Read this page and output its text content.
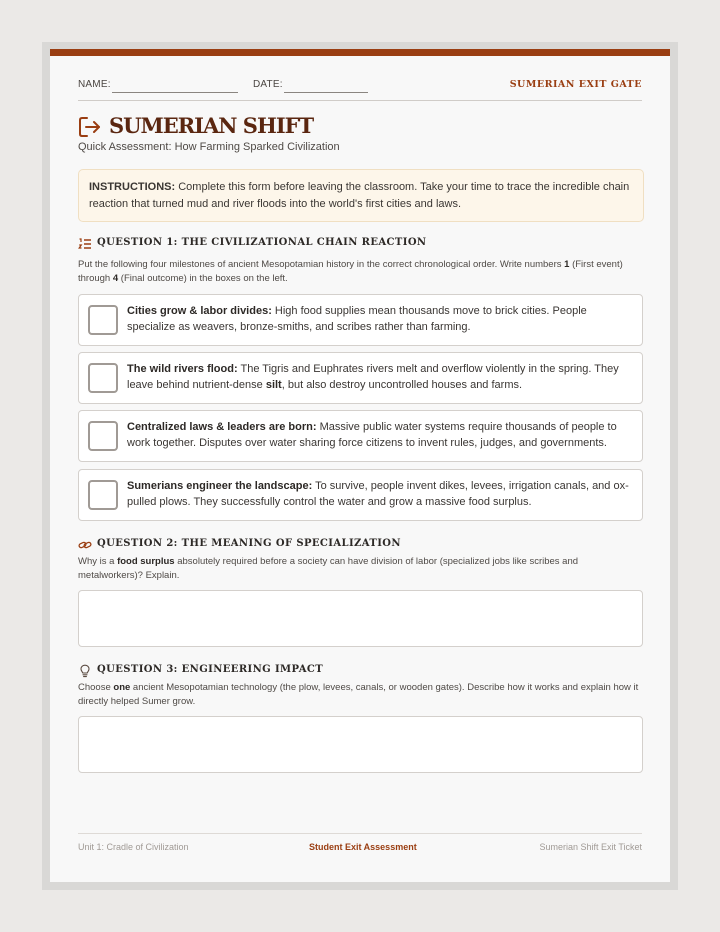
NAME:	DATE:	SUMERIAN EXIT GATE
SUMERIAN SHIFT
Quick Assessment: How Farming Sparked Civilization
INSTRUCTIONS: Complete this form before leaving the classroom. Take your time to trace the incredible chain reaction that turned mud and river floods into the world's first cities and laws.
QUESTION 1: THE CIVILIZATIONAL CHAIN REACTION
Put the following four milestones of ancient Mesopotamian history in the correct chronological order. Write numbers 1 (First event) through 4 (Final outcome) in the boxes on the left.
Cities grow & labor divides: High food supplies mean thousands move to brick cities. People specialize as weavers, bronze-smiths, and scribes rather than farming.
The wild rivers flood: The Tigris and Euphrates rivers melt and overflow violently in the spring. They leave behind nutrient-dense silt, but also destroy uncontrolled houses and farms.
Centralized laws & leaders are born: Massive public water systems require thousands of people to work together. Disputes over water sharing force citizens to invent rules, judges, and governments.
Sumerians engineer the landscape: To survive, people invent dikes, levees, irrigation canals, and ox-pulled plows. They successfully control the water and grow a massive food surplus.
QUESTION 2: THE MEANING OF SPECIALIZATION
Why is a food surplus absolutely required before a society can have division of labor (specialized jobs like scribes and metalworkers)? Explain.
QUESTION 3: ENGINEERING IMPACT
Choose one ancient Mesopotamian technology (the plow, levees, canals, or wooden gates). Describe how it works and explain how it directly helped Sumer grow.
Unit 1: Cradle of Civilization	Student Exit Assessment	Sumerian Shift Exit Ticket
